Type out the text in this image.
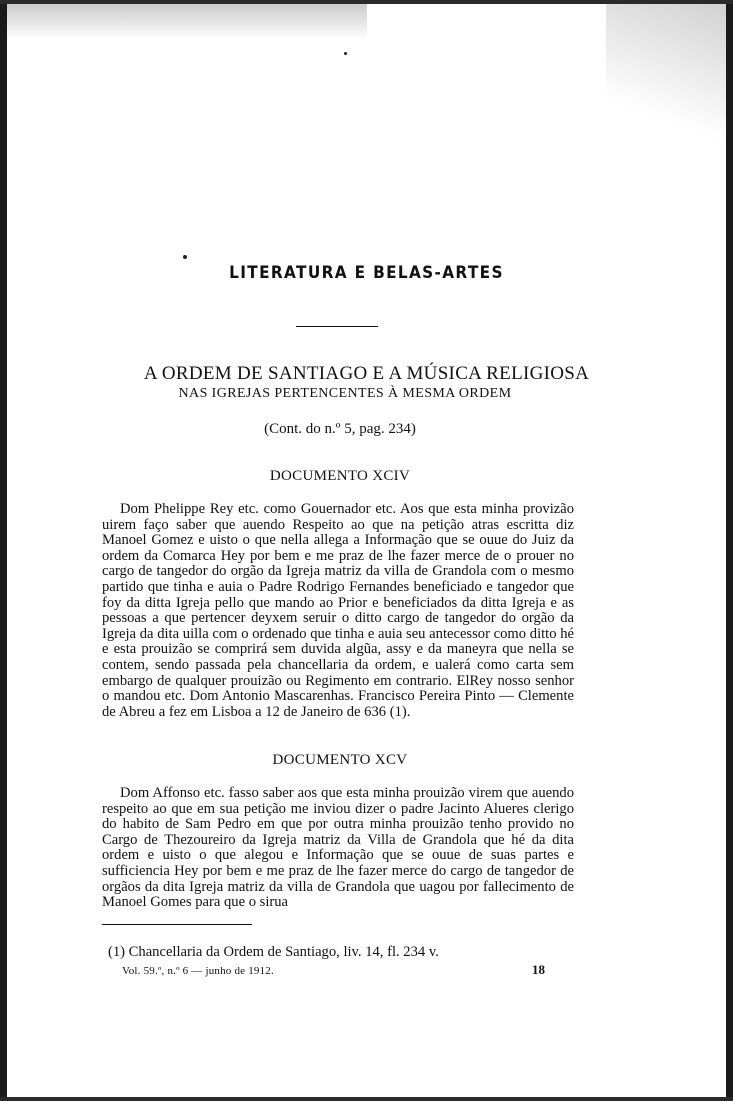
LITERATURA E BELAS-ARTES
A ORDEM DE SANTIAGO E A MÚSICA RELIGIOSA
NAS IGREJAS PERTENCENTES À MESMA ORDEM
(Cont. do n.º 5, pag. 234)
DOCUMENTO XCIV

Dom Phelippe Rey etc. como Gouernador etc. Aos que esta minha provizão uirem faço saber que auendo Respeito ao que na petição atras escritta diz Manoel Gomez e uisto o que nella allega a Informação que se ouue do Juiz da ordem da Comarca Hey por bem e me praz de lhe fazer merce de o prouer no cargo de tangedor do orgão da Igreja matriz da villa de Grandola com o mesmo partido que tinha e auia o Padre Rodrigo Fernandes beneficiado e tangedor que foy da ditta Igreja pello que mando ao Prior e beneficiados da ditta Igreja e as pessoas a que pertencer deyxem seruir o ditto cargo de tangedor do orgão da Igreja da dita uilla com o ordenado que tinha e auia seu antecessor como ditto hé e esta prouizão se comprirá sem duvida algũa, assy e da maneyra que nella se contem, sendo passada pela chancellaria da ordem, e ualerá como carta sem embargo de qualquer prouizão ou Regimento em contrario. ElRey nosso senhor o mandou etc. Dom Antonio Mascarenhas. Francisco Pereira Pinto — Clemente de Abreu a fez em Lisboa a 12 de Janeiro de 636 (1).

DOCUMENTO XCV

Dom Affonso etc. fasso saber aos que esta minha prouizão virem que auendo respeito ao que em sua petição me inviou dizer o padre Jacinto Alueres clerigo do habito de Sam Pedro em que por outra minha prouizão tenho provido no Cargo de Thezoureiro da Igreja matriz da Villa de Grandola que hé da dita ordem e uisto o que alegou e Informação que se ouue de suas partes e sufficiencia Hey por bem e me praz de lhe fazer merce do cargo de tangedor de orgãos da dita Igreja matriz da villa de Grandola que uagou por fallecimento de Manoel Gomes para que o sirua

(1) Chancellaria da Ordem de Santiago, liv. 14, fl. 234 v.
Vol. 59.º, n.º 6 — junho de 1912.	18
